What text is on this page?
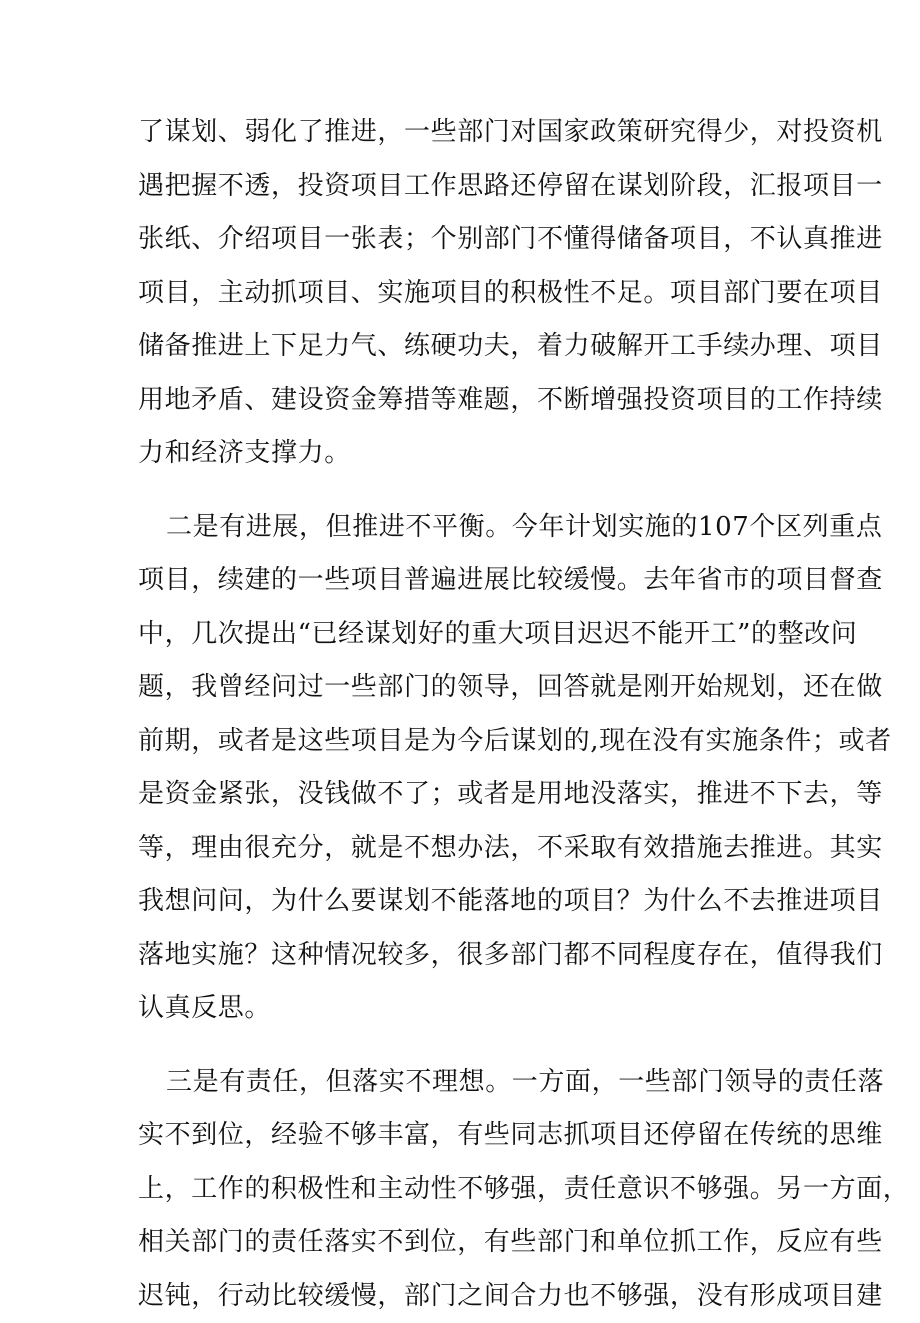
了谋划、弱化了推进，一些部门对国家政策研究得少，对投资机
遇把握不透，投资项目工作思路还停留在谋划阶段，汇报项目一
张纸、介绍项目一张表；个别部门不懂得储备项目，不认真推进
项目，主动抓项目、实施项目的积极性不足。项目部门要在项目
储备推进上下足力气、练硬功夫，着力破解开工手续办理、项目
用地矛盾、建设资金筹措等难题，不断增强投资项目的工作持续
力和经济支撑力。
二是有进展，但推进不平衡。今年计划实施的107个区列重点
项目，续建的一些项目普遍进展比较缓慢。去年省市的项目督查
中，几次提出“已经谋划好的重大项目迟迟不能开工”的整改问
题，我曾经问过一些部门的领导，回答就是刚开始规划，还在做
前期，或者是这些项目是为今后谋划的,现在没有实施条件；或者
是资金紧张，没钱做不了；或者是用地没落实，推进不下去，等
等，理由很充分，就是不想办法，不采取有效措施去推进。其实
我想问问，为什么要谋划不能落地的项目？为什么不去推进项目
落地实施？这种情况较多，很多部门都不同程度存在，值得我们
认真反思。
三是有责任，但落实不理想。一方面，一些部门领导的责任落
实不到位，经验不够丰富，有些同志抓项目还停留在传统的思维
上，工作的积极性和主动性不够强，责任意识不够强。另一方面，
相关部门的责任落实不到位，有些部门和单位抓工作，反应有些
迟钝，行动比较缓慢，部门之间合力也不够强，没有形成项目建
